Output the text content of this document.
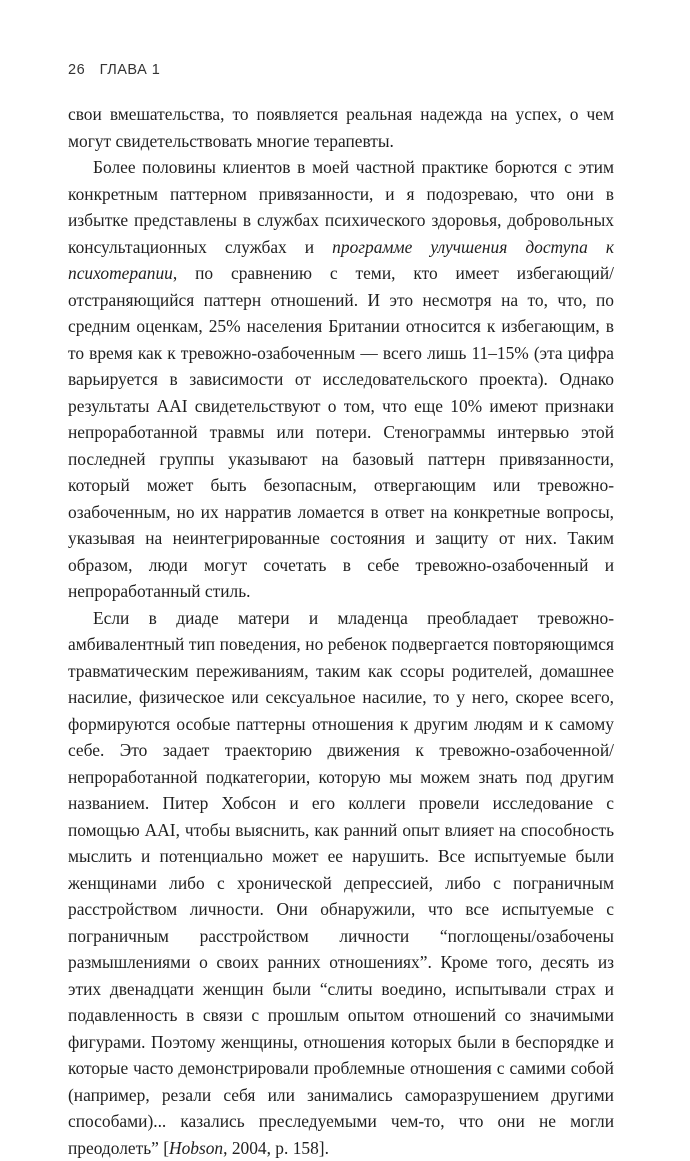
26 ГЛАВА 1

свои вмешательства, то появляется реальная надежда на успех, о чем могут свидетельствовать многие терапевты.

Более половины клиентов в моей частной практике борются с этим конкретным паттерном привязанности, и я подозреваю, что они в избытке представлены в службах психического здоровья, добровольных консультационных службах и программе улучшения доступа к психотерапии, по сравнению с теми, кто имеет избегающий/отстраняющийся паттерн отношений. И это несмотря на то, что, по средним оценкам, 25% населения Британии относится к избегающим, в то время как к тревожно-озабоченным — всего лишь 11–15% (эта цифра варьируется в зависимости от исследовательского проекта). Однако результаты AAI свидетельствуют о том, что еще 10% имеют признаки непроработанной травмы или потери. Стенограммы интервью этой последней группы указывают на базовый паттерн привязанности, который может быть безопасным, отвергающим или тревожно-озабоченным, но их нарратив ломается в ответ на конкретные вопросы, указывая на неинтегрированные состояния и защиту от них. Таким образом, люди могут сочетать в себе тревожно-озабоченный и непроработанный стиль.

Если в диаде матери и младенца преобладает тревожно-амбивалентный тип поведения, но ребенок подвергается повторяющимся травматическим переживаниям, таким как ссоры родителей, домашнее насилие, физическое или сексуальное насилие, то у него, скорее всего, формируются особые паттерны отношения к другим людям и к самому себе. Это задает траекторию движения к тревожно-озабоченной/непроработанной подкатегории, которую мы можем знать под другим названием. Питер Хобсон и его коллеги провели исследование с помощью AAI, чтобы выяснить, как ранний опыт влияет на способность мыслить и потенциально может ее нарушить. Все испытуемые были женщинами либо с хронической депрессией, либо с пограничным расстройством личности. Они обнаружили, что все испытуемые с пограничным расстройством личности “поглощены/озабочены размышлениями о своих ранних отношениях”. Кроме того, десять из этих двенадцати женщин были “слиты воедино, испытывали страх и подавленность в связи с прошлым опытом отношений со значимыми фигурами. Поэтому женщины, отношения которых были в беспорядке и которые часто демонстрировали проблемные отношения с самими собой (например, резали себя или занимались саморазрушением другими способами)... казались преследуемыми чем-то, что они не могли преодолеть” [Hobson, 2004, p. 158].
